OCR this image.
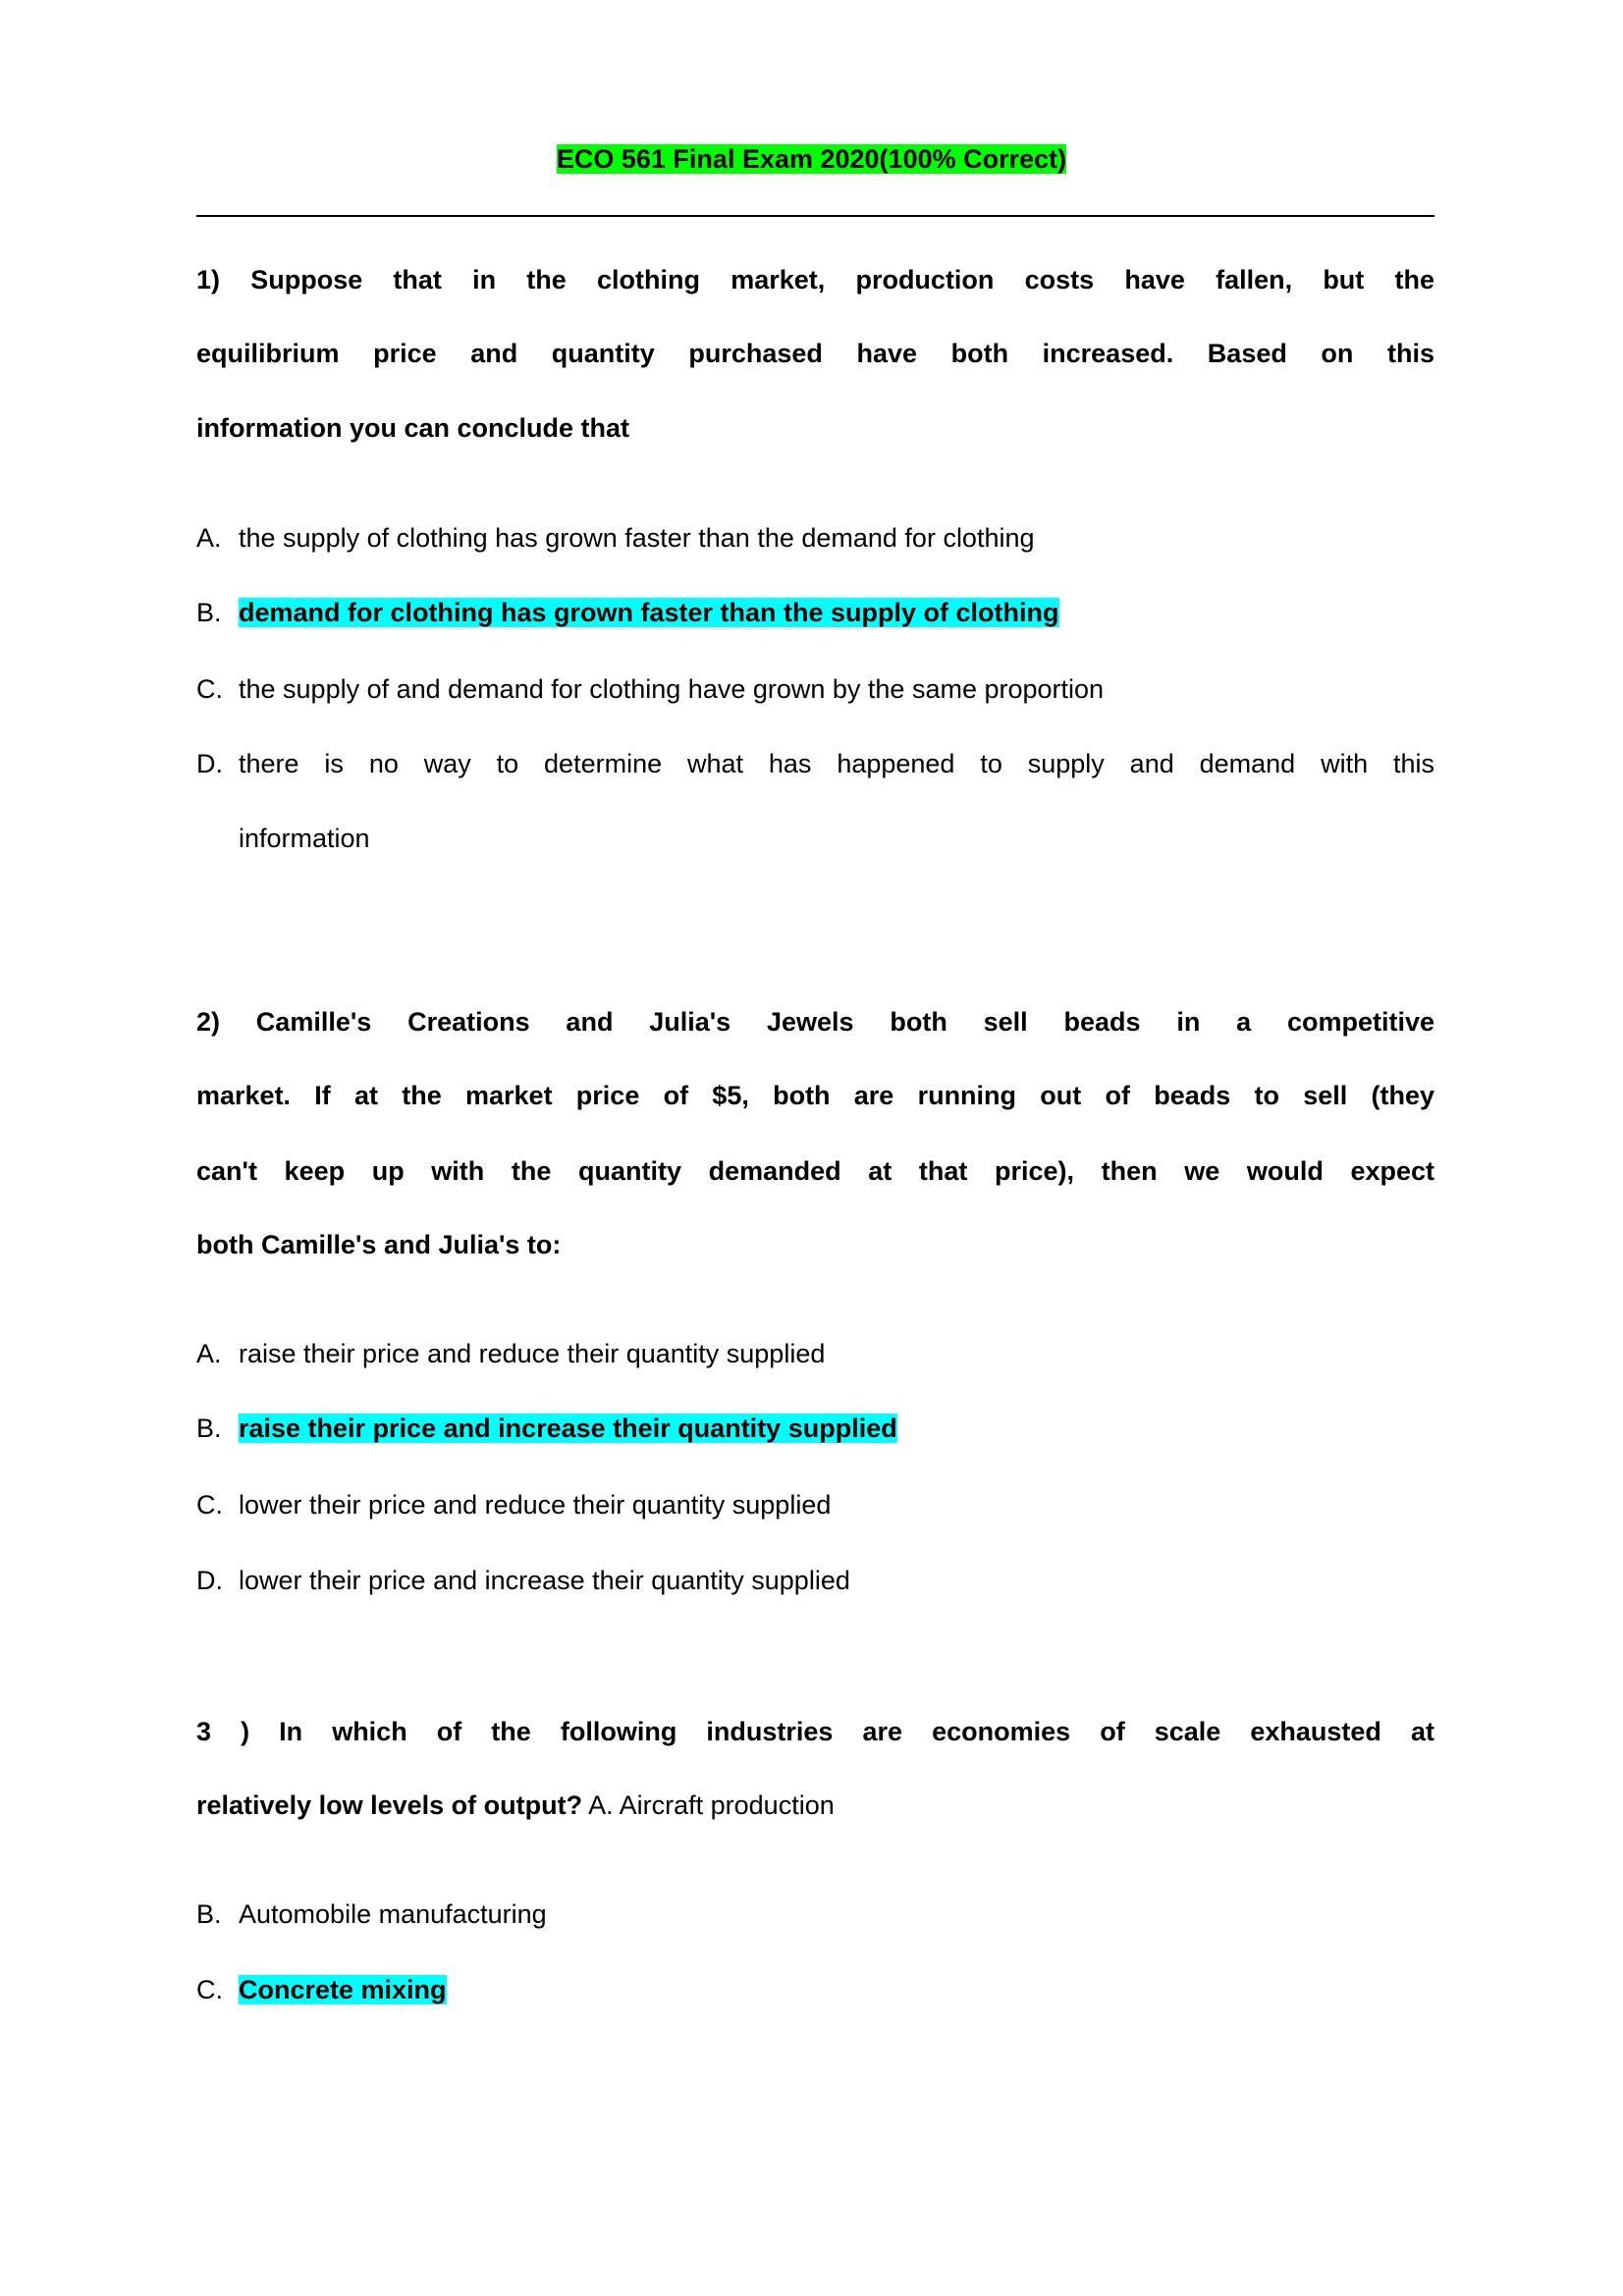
ECO 561 Final Exam 2020(100% Correct)
1) Suppose that in the clothing market, production costs have fallen, but the
equilibrium price and quantity purchased have both increased. Based on this
information you can conclude that
A. the supply of clothing has grown faster than the demand for clothing
B. demand for clothing has grown faster than the supply of clothing
C. the supply of and demand for clothing have grown by the same proportion
D. there is no way to determine what has happened to supply and demand with this
information
2) Camille's Creations and Julia's Jewels both sell beads in a competitive
market. If at the market price of $5, both are running out of beads to sell (they
can't keep up with the quantity demanded at that price), then we would expect
both Camille's and Julia's to:
A. raise their price and reduce their quantity supplied
B. raise their price and increase their quantity supplied
C. lower their price and reduce their quantity supplied
D. lower their price and increase their quantity supplied
3 ) In which of the following industries are economies of scale exhausted at
relatively low levels of output? A. Aircraft production
B. Automobile manufacturing
C. Concrete mixing
